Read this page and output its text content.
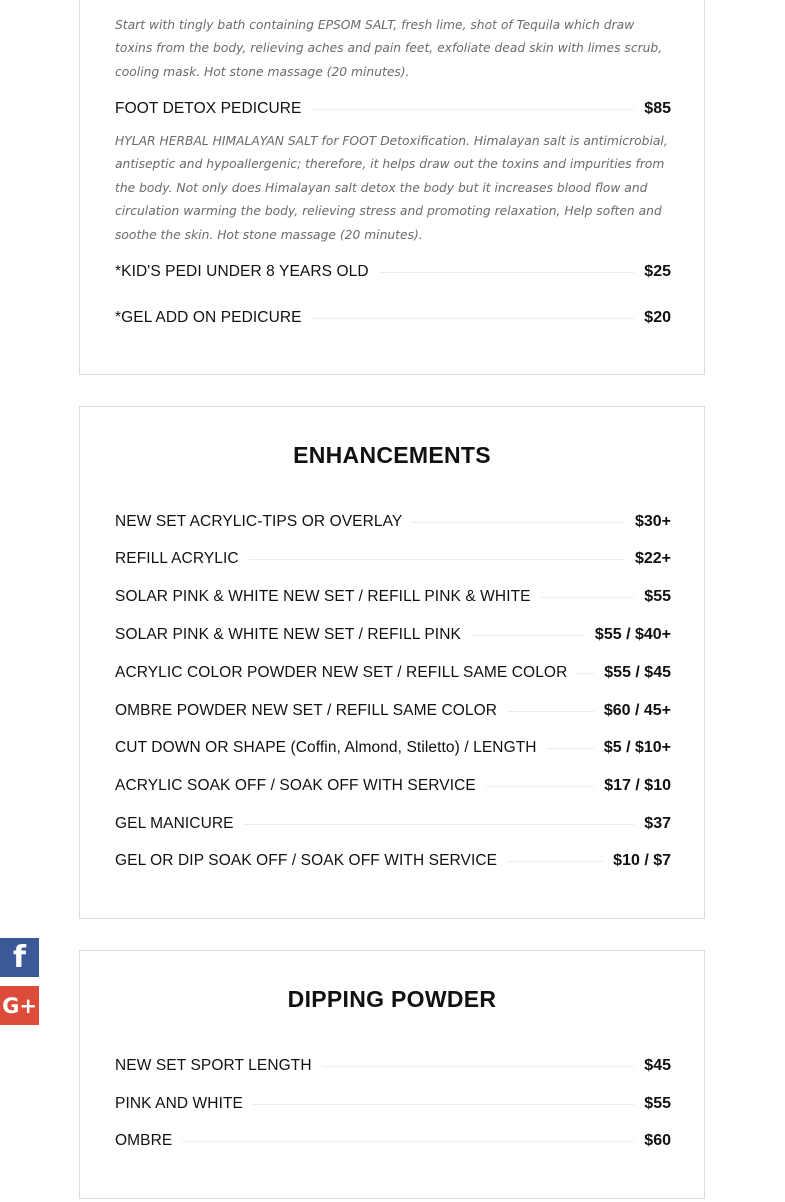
Start with tingly bath containing EPSOM SALT, fresh lime, shot of Tequila which draw toxins from the body, relieving aches and pain feet, exfoliate dead skin with limes scrub, cooling mask. Hot stone massage (20 minutes).
FOOT DETOX PEDICURE	$85
HYLAR HERBAL HIMALAYAN SALT for FOOT Detoxification. Himalayan salt is antimicrobial, antiseptic and hypoallergenic; therefore, it helps draw out the toxins and impurities from the body. Not only does Himalayan salt detox the body but it increases blood flow and circulation warming the body, relieving stress and promoting relaxation, Help soften and soothe the skin. Hot stone massage (20 minutes).
*KID'S PEDI UNDER 8 YEARS OLD	$25
*GEL ADD ON PEDICURE	$20
ENHANCEMENTS
NEW SET ACRYLIC-TIPS OR OVERLAY	$30+
REFILL ACRYLIC	$22+
SOLAR PINK & WHITE NEW SET / REFILL PINK & WHITE	$55
SOLAR PINK & WHITE NEW SET / REFILL PINK	$55 / $40+
ACRYLIC COLOR POWDER NEW SET / REFILL SAME COLOR $55 / $45
OMBRE POWDER NEW SET / REFILL SAME COLOR	$60 / 45+
CUT DOWN OR SHAPE (Coffin, Almond, Stiletto) / LENGTH	$5 / $10+
ACRYLIC SOAK OFF / SOAK OFF WITH SERVICE	$17 / $10
GEL MANICURE	$37
GEL OR DIP SOAK OFF / SOAK OFF WITH SERVICE	$10 / $7
DIPPING POWDER
NEW SET SPORT LENGTH	$45
PINK AND WHITE	$55
OMBRE	$60
f
G+
